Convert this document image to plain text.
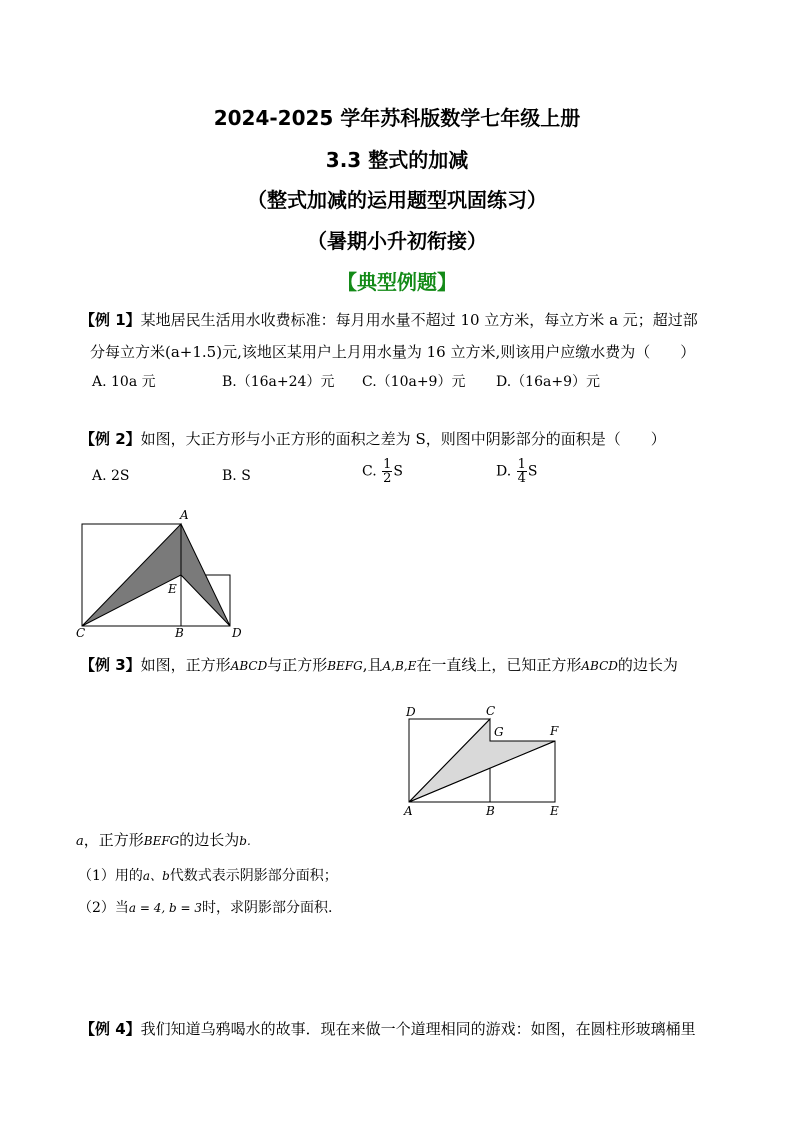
2024-2025 学年苏科版数学七年级上册
3.3 整式的加减
（整式加减的运用题型巩固练习）
（暑期小升初衔接）
【典型例题】
【例 1】某地居民生活用水收费标准：每月用水量不超过 10 立方米，每立方米 a 元；超过部
分每立方米(a+1.5)元,该地区某用户上月用水量为 16 立方米,则该用户应缴水费为（　　）
A. 10a 元	B.（16a+24）元 C.（10a+9）元 D.（16a+9）元
【例 2】如图，大正方形与小正方形的面积之差为 S，则图中阴影部分的面积是（　　）
A. 2S	B. S	C. $\frac{1}{2}$ S	D. $\frac{1}{4}$ S
A
E
C	B	D
【例 3】如图，正方形ABCD与正方形BEFG,且A,B,E在一直线上，已知正方形ABCD的边长为
D	C
G	F
A	B	E
a，正方形BEFG的边长为b.
（1）用的a、b代数式表示阴影部分面积；
（2）当a = 4, b = 3时，求阴影部分面积.
【例 4】我们知道乌鸦喝水的故事．现在来做一个道理相同的游戏：如图，在圆柱形玻璃桶里
